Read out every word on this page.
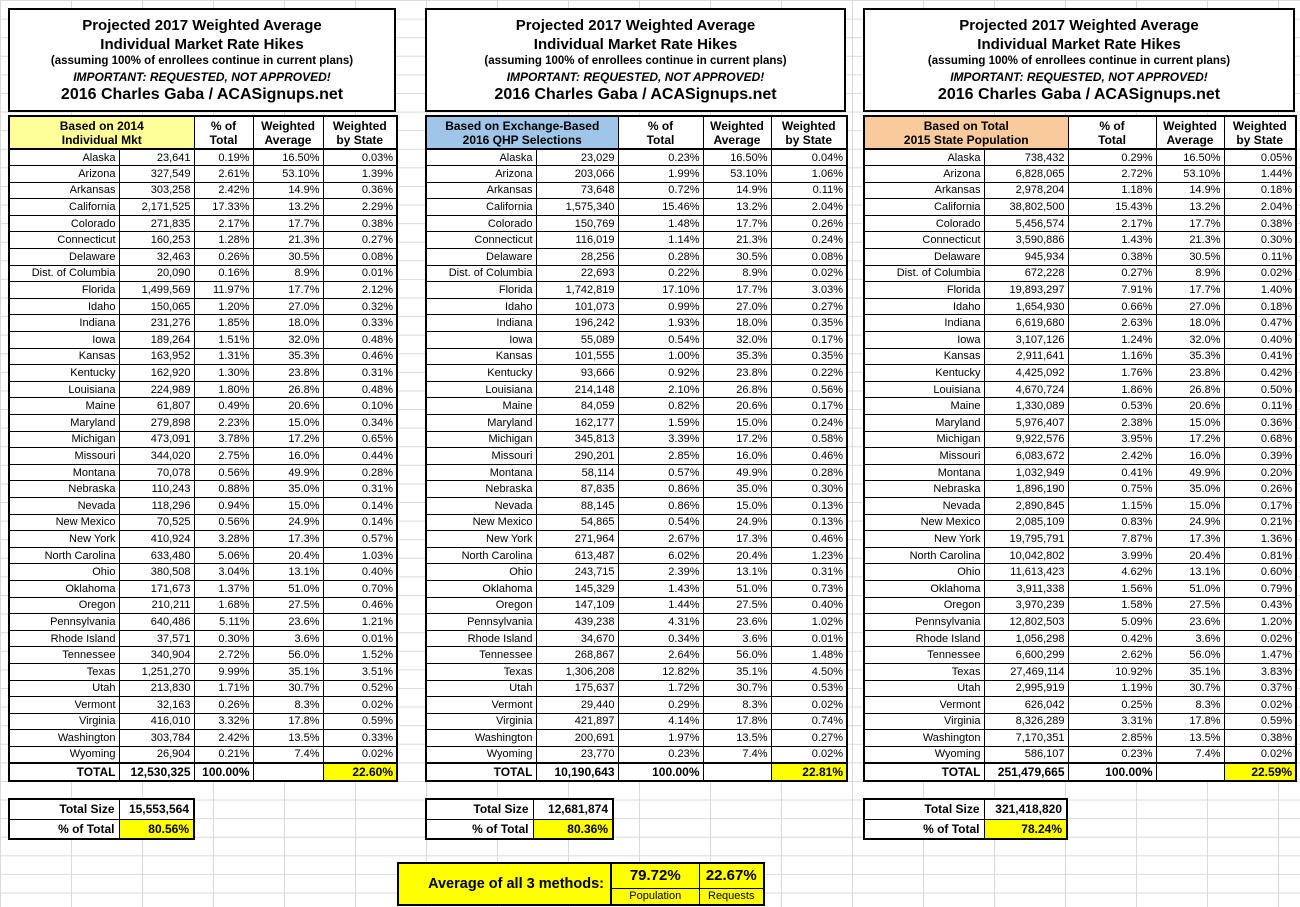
Projected 2017 Weighted Average
Individual Market Rate Hikes
(assuming 100% of enrollees continue in current plans)
IMPORTANT: REQUESTED, NOT APPROVED!
2016 Charles Gaba / ACASignups.net
Based on 2014
Individual Mkt

% of
Total

Weighted
Average

Weighted
by State

Alaska	23,641	0.19%	16.50%	0.03%
Arizona	327,549	2.61%	53.10%	1.39%
Arkansas	303,258	2.42%	14.9%	0.36%
California	2,171,525	17.33%	13.2%	2.29%
Colorado	271,835	2.17%	17.7%	0.38%
Connecticut	160,253	1.28%	21.3%	0.27%
Delaware	32,463	0.26%	30.5%	0.08%
Dist. of Columbia	20,090	0.16%	8.9%	0.01%
Florida	1,499,569	11.97%	17.7%	2.12%
Idaho	150,065	1.20%	27.0%	0.32%
Indiana	231,276	1.85%	18.0%	0.33%
Iowa	189,264	1.51%	32.0%	0.48%
Kansas	163,952	1.31%	35.3%	0.46%
Kentucky	162,920	1.30%	23.8%	0.31%
Louisiana	224,989	1.80%	26.8%	0.48%
Maine	61,807	0.49%	20.6%	0.10%
Maryland	279,898	2.23%	15.0%	0.34%
Michigan	473,091	3.78%	17.2%	0.65%
Missouri	344,020	2.75%	16.0%	0.44%
Montana	70,078	0.56%	49.9%	0.28%
Nebraska	110,243	0.88%	35.0%	0.31%
Nevada	118,296	0.94%	15.0%	0.14%
New Mexico	70,525	0.56%	24.9%	0.14%
New York	410,924	3.28%	17.3%	0.57%
North Carolina	633,480	5.06%	20.4%	1.03%
Ohio	380,508	3.04%	13.1%	0.40%
Oklahoma	171,673	1.37%	51.0%	0.70%
Oregon	210,211	1.68%	27.5%	0.46%
Pennsylvania	640,486	5.11%	23.6%	1.21%
Rhode Island	37,571	0.30%	3.6%	0.01%
Tennessee	340,904	2.72%	56.0%	1.52%
Texas	1,251,270	9.99%	35.1%	3.51%
Utah	213,830	1.71%	30.7%	0.52%
Vermont	32,163	0.26%	8.3%	0.02%
Virginia	416,010	3.32%	17.8%	0.59%
Washington	303,784	2.42%	13.5%	0.33%
Wyoming	26,904	0.21%	7.4%	0.02%
TOTAL	12,530,325	100.00%		22.60%
Projected 2017 Weighted Average
Individual Market Rate Hikes
(assuming 100% of enrollees continue in current plans)
IMPORTANT: REQUESTED, NOT APPROVED!
2016 Charles Gaba / ACASignups.net
Based on Exchange-Based
2016 QHP Selections

% of
Total

Weighted
Average

Weighted
by State

Alaska	23,029	0.23%	16.50%	0.04%
Arizona	203,066	1.99%	53.10%	1.06%
Arkansas	73,648	0.72%	14.9%	0.11%
California	1,575,340	15.46%	13.2%	2.04%
Colorado	150,769	1.48%	17.7%	0.26%
Connecticut	116,019	1.14%	21.3%	0.24%
Delaware	28,256	0.28%	30.5%	0.08%
Dist. of Columbia	22,693	0.22%	8.9%	0.02%
Florida	1,742,819	17.10%	17.7%	3.03%
Idaho	101,073	0.99%	27.0%	0.27%
Indiana	196,242	1.93%	18.0%	0.35%
Iowa	55,089	0.54%	32.0%	0.17%
Kansas	101,555	1.00%	35.3%	0.35%
Kentucky	93,666	0.92%	23.8%	0.22%
Louisiana	214,148	2.10%	26.8%	0.56%
Maine	84,059	0.82%	20.6%	0.17%
Maryland	162,177	1.59%	15.0%	0.24%
Michigan	345,813	3.39%	17.2%	0.58%
Missouri	290,201	2.85%	16.0%	0.46%
Montana	58,114	0.57%	49.9%	0.28%
Nebraska	87,835	0.86%	35.0%	0.30%
Nevada	88,145	0.86%	15.0%	0.13%
New Mexico	54,865	0.54%	24.9%	0.13%
New York	271,964	2.67%	17.3%	0.46%
North Carolina	613,487	6.02%	20.4%	1.23%
Ohio	243,715	2.39%	13.1%	0.31%
Oklahoma	145,329	1.43%	51.0%	0.73%
Oregon	147,109	1.44%	27.5%	0.40%
Pennsylvania	439,238	4.31%	23.6%	1.02%
Rhode Island	34,670	0.34%	3.6%	0.01%
Tennessee	268,867	2.64%	56.0%	1.48%
Texas	1,306,208	12.82%	35.1%	4.50%
Utah	175,637	1.72%	30.7%	0.53%
Vermont	29,440	0.29%	8.3%	0.02%
Virginia	421,897	4.14%	17.8%	0.74%
Washington	200,691	1.97%	13.5%	0.27%
Wyoming	23,770	0.23%	7.4%	0.02%
TOTAL	10,190,643	100.00%		22.81%
Projected 2017 Weighted Average
Individual Market Rate Hikes
(assuming 100% of enrollees continue in current plans)
IMPORTANT: REQUESTED, NOT APPROVED!
2016 Charles Gaba / ACASignups.net
Based on Total
2015 State Population

% of
Total

Weighted
Average

Weighted
by State

Alaska	738,432	0.29%	16.50%	0.05%
Arizona	6,828,065	2.72%	53.10%	1.44%
Arkansas	2,978,204	1.18%	14.9%	0.18%
California	38,802,500	15.43%	13.2%	2.04%
Colorado	5,456,574	2.17%	17.7%	0.38%
Connecticut	3,590,886	1.43%	21.3%	0.30%
Delaware	945,934	0.38%	30.5%	0.11%
Dist. of Columbia	672,228	0.27%	8.9%	0.02%
Florida	19,893,297	7.91%	17.7%	1.40%
Idaho	1,654,930	0.66%	27.0%	0.18%
Indiana	6,619,680	2.63%	18.0%	0.47%
Iowa	3,107,126	1.24%	32.0%	0.40%
Kansas	2,911,641	1.16%	35.3%	0.41%
Kentucky	4,425,092	1.76%	23.8%	0.42%
Louisiana	4,670,724	1.86%	26.8%	0.50%
Maine	1,330,089	0.53%	20.6%	0.11%
Maryland	5,976,407	2.38%	15.0%	0.36%
Michigan	9,922,576	3.95%	17.2%	0.68%
Missouri	6,083,672	2.42%	16.0%	0.39%
Montana	1,032,949	0.41%	49.9%	0.20%
Nebraska	1,896,190	0.75%	35.0%	0.26%
Nevada	2,890,845	1.15%	15.0%	0.17%
New Mexico	2,085,109	0.83%	24.9%	0.21%
New York	19,795,791	7.87%	17.3%	1.36%
North Carolina	10,042,802	3.99%	20.4%	0.81%
Ohio	11,613,423	4.62%	13.1%	0.60%
Oklahoma	3,911,338	1.56%	51.0%	0.79%
Oregon	3,970,239	1.58%	27.5%	0.43%
Pennsylvania	12,802,503	5.09%	23.6%	1.20%
Rhode Island	1,056,298	0.42%	3.6%	0.02%
Tennessee	6,600,299	2.62%	56.0%	1.47%
Texas	27,469,114	10.92%	35.1%	3.83%
Utah	2,995,919	1.19%	30.7%	0.37%
Vermont	626,042	0.25%	8.3%	0.02%
Virginia	8,326,289	3.31%	17.8%	0.59%
Washington	7,170,351	2.85%	13.5%	0.38%
Wyoming	586,107	0.23%	7.4%	0.02%
TOTAL	251,479,665	100.00%		22.59%
Total Size	15,553,564
% of Total	80.56%
Total Size	12,681,874
% of Total	80.36%
Total Size	321,418,820
% of Total	78.24%
Average of all 3 methods:	79.72%	22.67%
	Population	Requests
